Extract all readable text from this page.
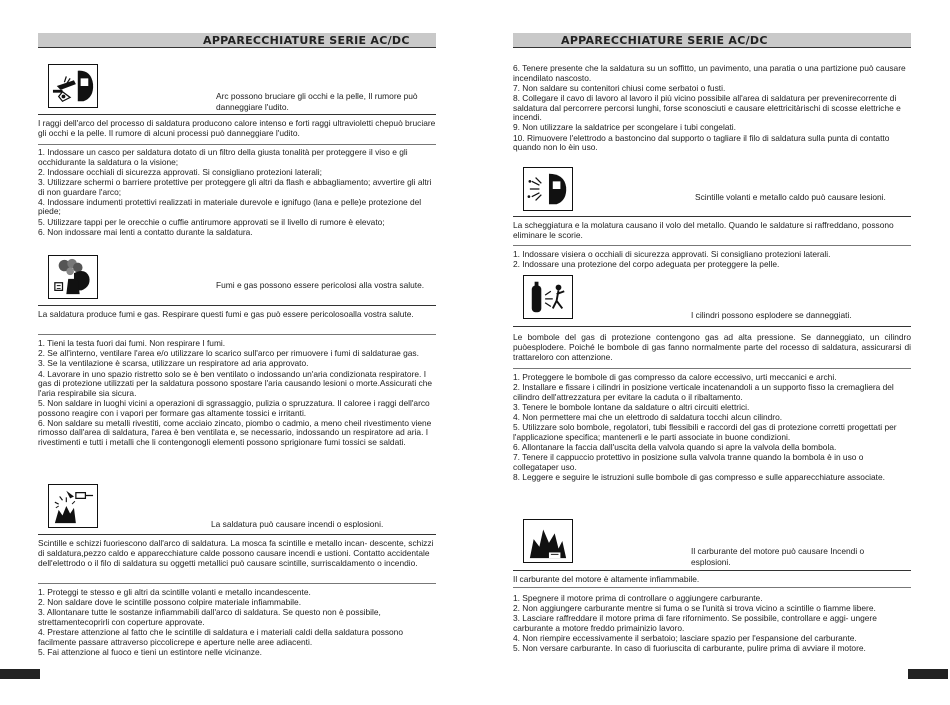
APPARECCHIATURE SERIE AC/DC
Arc possono bruciare gli occhi e la pelle, Il rumore può danneggiare l'udito.
I raggi dell'arco del processo di saldatura producono calore intenso e forti raggi ultravioletti chepuò bruciare gli occhi e la pelle. Il rumore di alcuni processi può danneggiare l'udito.
1. Indossare un casco per saldatura dotato di un filtro della giusta tonalità per proteggere il viso e gli occhidurante la saldatura o la visione;
2. Indossare occhiali di sicurezza approvati. Si consigliano protezioni laterali;
3. Utilizzare schermi o barriere protettive per proteggere gli altri da flash e abbagliamento; avvertire gli altri di non guardare l'arco;
4. Indossare indumenti protettivi realizzati in materiale durevole e ignifugo (lana e pelle)e protezione del piede;
5. Utilizzare tappi per le orecchie o cuffie antirumore approvati se il livello di rumore è elevato;
6. Non indossare mai lenti a contatto durante la saldatura.
Fumi e gas possono essere pericolosi alla vostra salute.
La saldatura produce fumi e gas. Respirare questi fumi e gas può essere pericolosoalla vostra salute.
1. Tieni la testa fuori dai fumi. Non respirare I fumi.
2. Se all'interno, ventilare l'area e/o utilizzare lo scarico sull'arco per rimuovere i fumi di saldaturae gas.
3. Se la ventilazione è scarsa, utilizzare un respiratore ad aria approvato.
4. Lavorare in uno spazio ristretto solo se è ben ventilato o indossando un'aria condizionata respiratore. I gas di protezione utilizzati per la saldatura possono spostare l'aria causando lesioni o morte.Assicurati che l'aria respirabile sia sicura.
5. Non saldare in luoghi vicini a operazioni di sgrassaggio, pulizia o spruzzatura. Il caloree i raggi dell'arco possono reagire con i vapori per formare gas altamente tossici e irritanti.
6. Non saldare su metalli rivestiti, come acciaio zincato, piombo o cadmio, a meno cheil rivestimento viene rimosso dall'area di saldatura, l'area è ben ventilata e, se necessario, indossando un respiratore ad aria. I rivestimenti e tutti i metalli che li contengonogli elementi possono sprigionare fumi tossici se saldati.
La saldatura può causare incendi o esplosioni.
Scintille e schizzi fuoriescono dall'arco di saldatura. La mosca fa scintille e metallo incan- descente, schizzi di saldatura,pezzo caldo e apparecchiature calde possono causare incendi e ustioni. Contatto accidentale dell'elettrodo o il filo di saldatura su oggetti metallici può causare scintille, surriscaldamento o incendio.
1. Proteggi te stesso e gli altri da scintille volanti e metallo incandescente.
2. Non saldare dove le scintille possono colpire materiale infiammabile.
3. Allontanare tutte le sostanze infiammabili dall'arco di saldatura. Se questo non è possibile, strettamentecoprirli con coperture approvate.
4. Prestare attenzione al fatto che le scintille di saldatura e i materiali caldi della saldatura possono facilmente passare attraverso piccolicrepe e aperture nelle aree adiacenti.
5. Fai attenzione al fuoco e tieni un estintore nelle vicinanze.
APPARECCHIATURE SERIE AC/DC
6. Tenere presente che la saldatura su un soffitto, un pavimento, una paratia o una partizione può causare incendilato nascosto.
7. Non saldare su contenitori chiusi come serbatoi o fusti.
8. Collegare il cavo di lavoro al lavoro il più vicino possibile all'area di saldatura per prevenirecorrente di saldatura dal percorrere percorsi lunghi, forse sconosciuti e causare elettricitàrischi di scosse elettriche e incendi.
9. Non utilizzare la saldatrice per scongelare i tubi congelati.
10. Rimuovere l'elettrodo a bastoncino dal supporto o tagliare il filo di saldatura sulla punta di contatto quando non lo èin uso.
Scintille volanti e metallo caldo può causare lesioni.
La scheggiatura e la molatura causano il volo del metallo. Quando le saldature si raffreddano, possono eliminare le scorie.
1. Indossare visiera o occhiali di sicurezza approvati. Si consigliano protezioni laterali.
2. Indossare una protezione del corpo adeguata per proteggere la pelle.
I cilindri possono esplodere se danneggiati.
Le bombole del gas di protezione contengono gas ad alta pressione. Se danneggiato, un cilindro puòesplodere. Poiché le bombole di gas fanno normalmente parte del rocesso di saldatura, assicurarsi di trattareloro con attenzione.
1. Proteggere le bombole di gas compresso da calore eccessivo, urti meccanici e archi.
2. Installare e fissare i cilindri in posizione verticale incatenandoli a un supporto fisso la cremagliera del cilindro dell'attrezzatura per evitare la caduta o il ribaltamento.
3. Tenere le bombole lontane da saldature o altri circuiti elettrici.
4. Non permettere mai che un elettrodo di saldatura tocchi alcun cilindro.
5. Utilizzare solo bombole, regolatori, tubi flessibili e raccordi del gas di protezione corretti progettati per l'applicazione specifica; mantenerli e le parti associate in buone condizioni.
6. Allontanare la faccia dall'uscita della valvola quando si apre la valvola della bombola.
7. Tenere il cappuccio protettivo in posizione sulla valvola tranne quando la bombola è in uso o collegataper uso.
8. Leggere e seguire le istruzioni sulle bombole di gas compresso e sulle apparecchiature associate.
Il carburante del motore può causare Incendi o esplosioni.
Il carburante del motore è altamente infiammabile.
1. Spegnere il motore prima di controllare o aggiungere carburante.
2. Non aggiungere carburante mentre si fuma o se l'unità si trova vicino a scintille o fiamme libere.
3. Lasciare raffreddare il motore prima di fare rifornimento. Se possibile, controllare e aggi- ungere carburante a motore freddo primainizio lavoro.
4. Non riempire eccessivamente il serbatoio; lasciare spazio per l'espansione del carburante.
5. Non versare carburante. In caso di fuoriuscita di carburante, pulire prima di avviare il motore.
